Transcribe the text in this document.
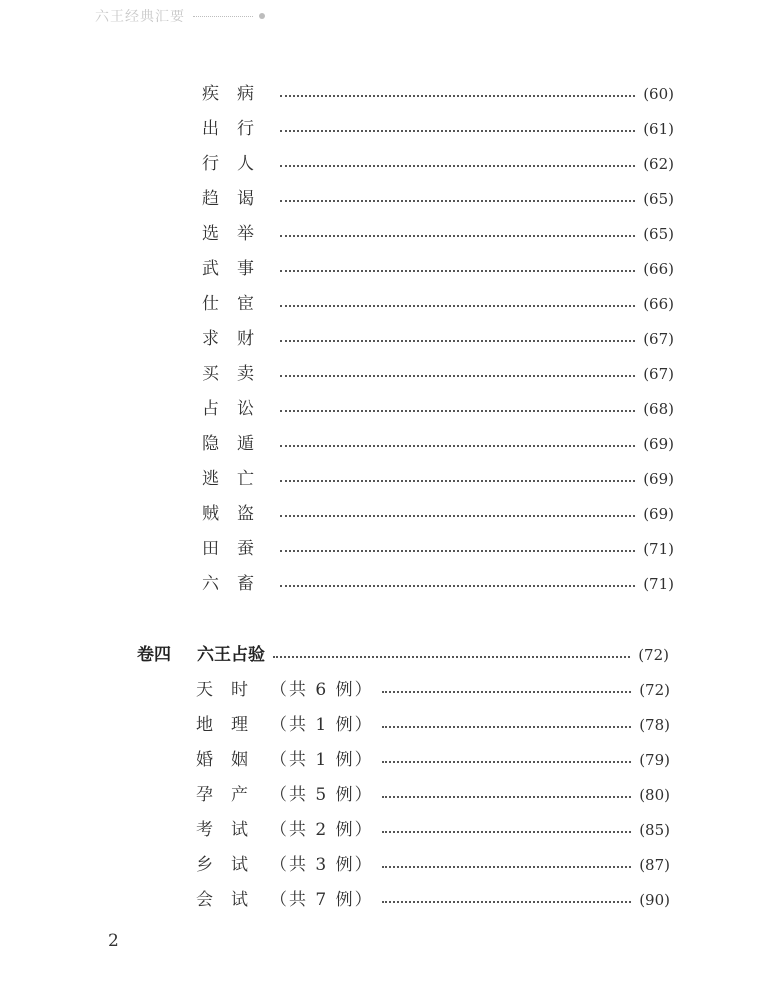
六王经典汇要
疾病	(60)
出行	(61)
行人	(62)
趋谒	(65)
选举	(65)
武事	(66)
仕宦	(66)
求财	(67)
买卖	(67)
占讼	(68)
隐遁	(69)
逃亡	(69)
贼盗	(69)
田蚕	(71)
六畜	(71)
卷四	六王占验	(72)
天时 （共 6 例）	(72)
地理 （共 1 例）	(78)
婚姻 （共 1 例）	(79)
孕产 （共 5 例）	(80)
考试 （共 2 例）	(85)
乡试 （共 3 例）	(87)
会试 （共 7 例）	(90)
2
